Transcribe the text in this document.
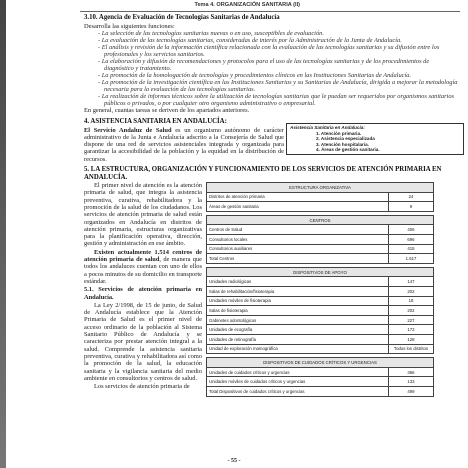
Tema 4. ORGANIZACIÓN SANITARIA (II)
3.10. Agencia de Evaluación de Tecnologías Sanitarias de Andalucía

Desarrolla las siguientes funciones:

- La selección de las tecnologías sanitarias nuevas o en uso, susceptibles de evaluación.
- La evaluación de las tecnologías sanitarias, consideradas de interés por la Administración de la Junta de Andalucía.
- El análisis y revisión de la información científica relacionada con la evaluación de las tecnologías sanitarias y su difusión entre los profesionales y los servicios sanitarios.
- La elaboración y difusión de recomendaciones y protocolos para el uso de las tecnologías sanitarias y de los procedimientos de diagnóstico y tratamiento.
- La promoción de la homologación de tecnologías y procedimientos clínicos en las Instituciones Sanitarias de Andalucía.
- La promoción de la investigación científica en las Instituciones Sanitarias y su Sanitarias de Andalucía, dirigida a mejorar la metodología necesaria para la evaluación de las tecnologías sanitarias.
- La realización de informes técnicos sobre la utilización de tecnologías sanitarias que le puedan ser requeridos por organismos sanitarios públicos o privados, o por cualquier otro organismo administrativo o empresarial.

En general, cuantas tareas se deriven de los apartados anteriores.

4. ASISTENCIA SANITARIA EN ANDALUCÍA:
El Servicio Andaluz de Salud es un organismo autónomo de carácter administrativo de la Junta e Andalucía adscrito a la Consejería de Salud que dispone de una red de servicios asistenciales integrada y organizada para garantizar la accesibilidad de la población y la equidad en la distribución de recursos.
Asistencia Sanitaria en Andalucía:
1. Atención primaria.
2. Asistencia especializada
3. Atención hospitalaria.
4. Áreas de gestión sanitaria.
5. LA ESTRUCTURA, ORGANIZACIÓN Y FUNCIONAMIENTO DE LOS SERVICIOS DE ATENCIÓN PRIMARIA EN ANDALUCÍA.

El primer nivel de atención es la atención primaria de salud, que integra la asistencia preventiva, curativa, rehabilitadora y la promoción de la salud de los ciudadanos. Los servicios de atención primaria de salud están organizados en Andalucía en distritos de atención primaria, estructuras organizativas para la planificación operativa, dirección, gestión y administración en ese ámbito.

Existen actualmente 1.514 centros de atención primaria de salud, de manera que todos los andaluces cuentan con uno de ellos a pocos minutos de su domicilio en transporte estándar.

5.1. Servicios de atención primaria en Andalucía.

La Ley 2/1998, de 15 de junio, de Salud de Andalucía establece que la Atención Primaria de Salud es el primer nivel de acceso ordinario de la población al Sistema Sanitario Público de Andalucía y se caracteriza por prestar atención integral a la salud. Comprende la asistencia sanitaria preventiva, curativa y rehabilitadora así como la promoción de la salud, la educación sanitaria y la vigilancia sanitaria del medio ambiente en consultorios y centros de salud.

Los servicios de atención primaria de

ESTRUCTURA ORGANIZATIVA	
Distritos de atención primaria	24
Áreas de gestión sanitaria	9

CENTROS	
Centros de Salud	406
Consultorios locales	696
Consultorios auxiliares	415
Total Centros	1.517

DISPOSITIVOS DE APOYO	
Unidades radiológicas	147
Salas de rehabilitación/fisioterapia	202
Unidades móviles de fisioterapia	18
Salas de fisioterapia	202
Gabinetes odontológicos	227
Unidades de ecografía	172
Unidades de retinografía	128
Unidad de exploración mamográfica	Todos los distritos

DISPOSITIVOS DE CUIDADOS CRÍTICOS Y URGENCIAS	
Unidades de cuidados críticos y urgencias	366
Unidades móviles de cuidados críticos y urgencias	133
Total Dispositivos de cuidados críticos y urgencias	499
- 55 -
